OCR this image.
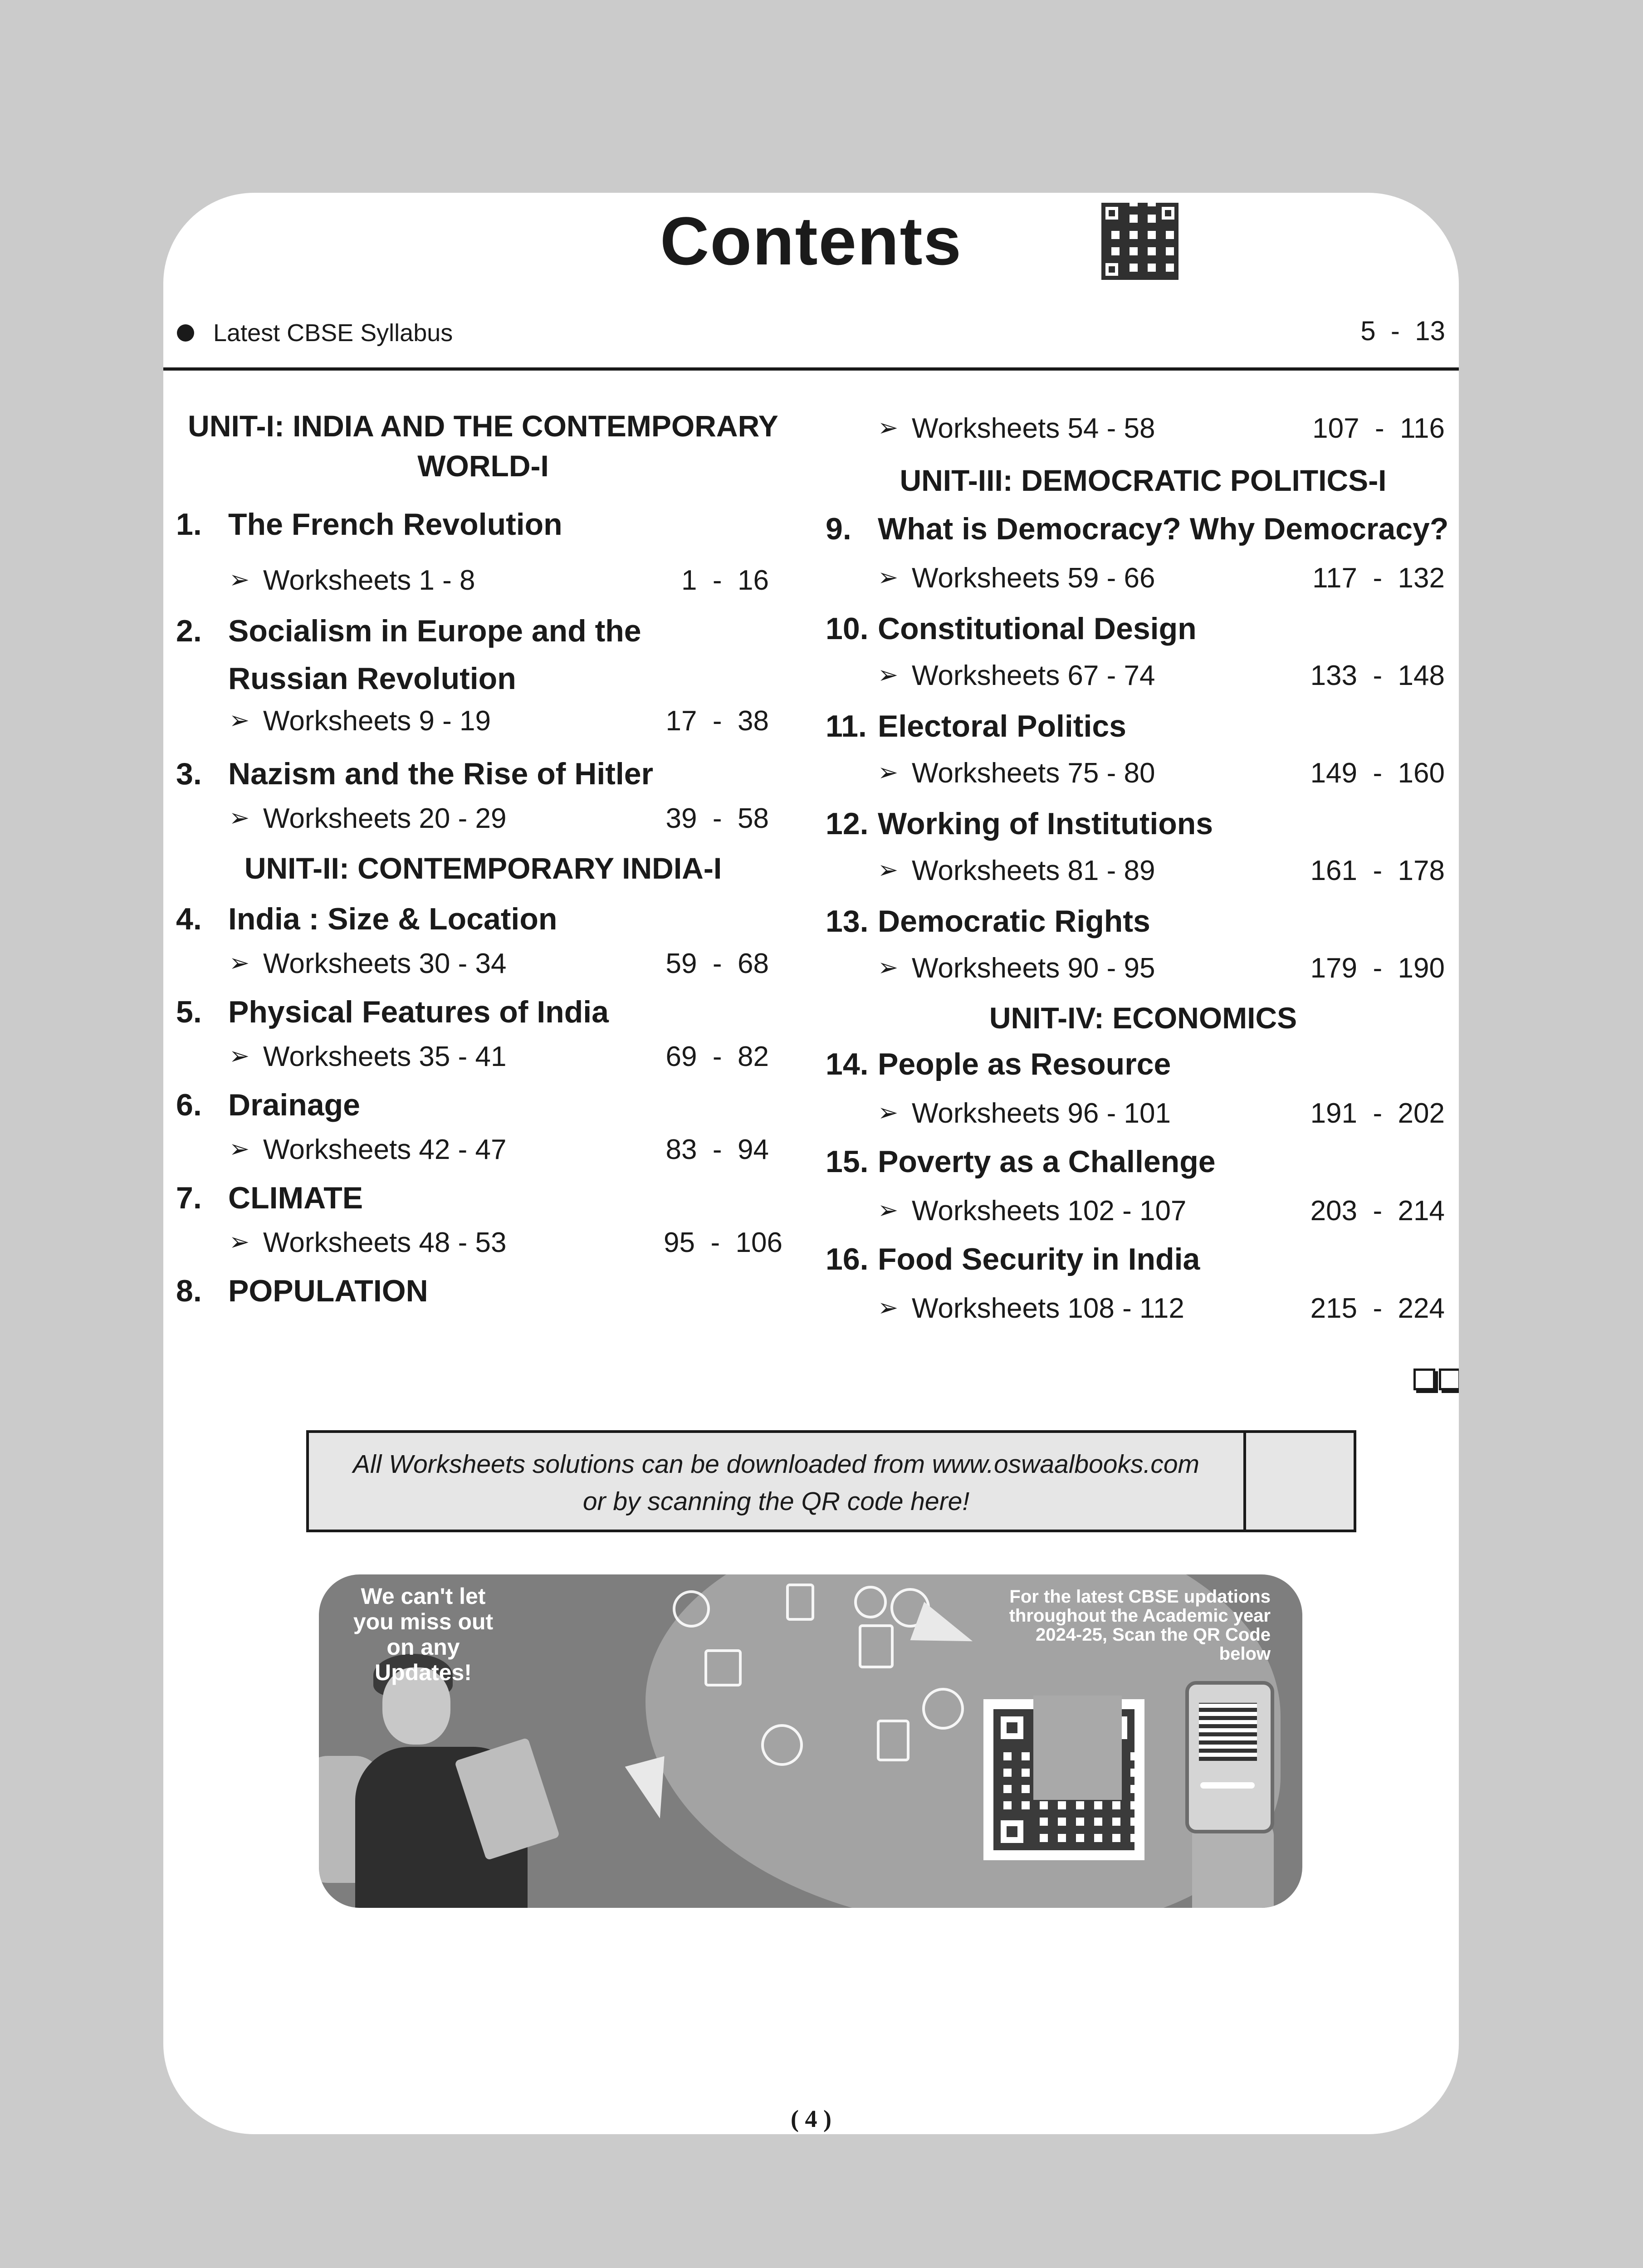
Contents
Latest CBSE Syllabus	5  -  13
UNIT-I: INDIA AND THE CONTEMPORARY WORLD-I
1. The French Revolution
➢ Worksheets 1 - 8	1  -  16
2. Socialism in Europe and the
Russian Revolution
➢ Worksheets 9 - 19	17  -  38
3. Nazism and the Rise of Hitler
➢ Worksheets 20 - 29	39  -  58
UNIT-II: CONTEMPORARY INDIA-I
4. India : Size & Location
➢ Worksheets 30 - 34	59  -  68
5. Physical Features of India
➢ Worksheets 35 - 41	69  -  82
6. Drainage
➢ Worksheets 42 - 47	83  -  94
7. CLIMATE
➢ Worksheets 48 - 53	95  -  106
8. POPULATION
➢ Worksheets 54 - 58	107  -  116
UNIT-III: DEMOCRATIC POLITICS-I
9. What is Democracy? Why Democracy?
➢ Worksheets 59 - 66	117  -  132
10. Constitutional Design
➢ Worksheets 67 - 74	133  -  148
11. Electoral Politics
➢ Worksheets 75 - 80	149  -  160
12. Working of Institutions
➢ Worksheets 81 - 89	161  -  178
13. Democratic Rights
➢ Worksheets 90 - 95	179  -  190
UNIT-IV: ECONOMICS
14. People as Resource
➢ Worksheets 96 - 101	191  -  202
15. Poverty as a Challenge
➢ Worksheets 102 - 107	203  -  214
16. Food Security in India
➢ Worksheets 108 - 112	215  -  224
All Worksheets solutions can be downloaded from www.oswaalbooks.com
or by scanning the QR code here!
We can't let you miss out on any Updates!
For the latest CBSE updations throughout the Academic year 2024-25, Scan the QR Code below
( 4 )
